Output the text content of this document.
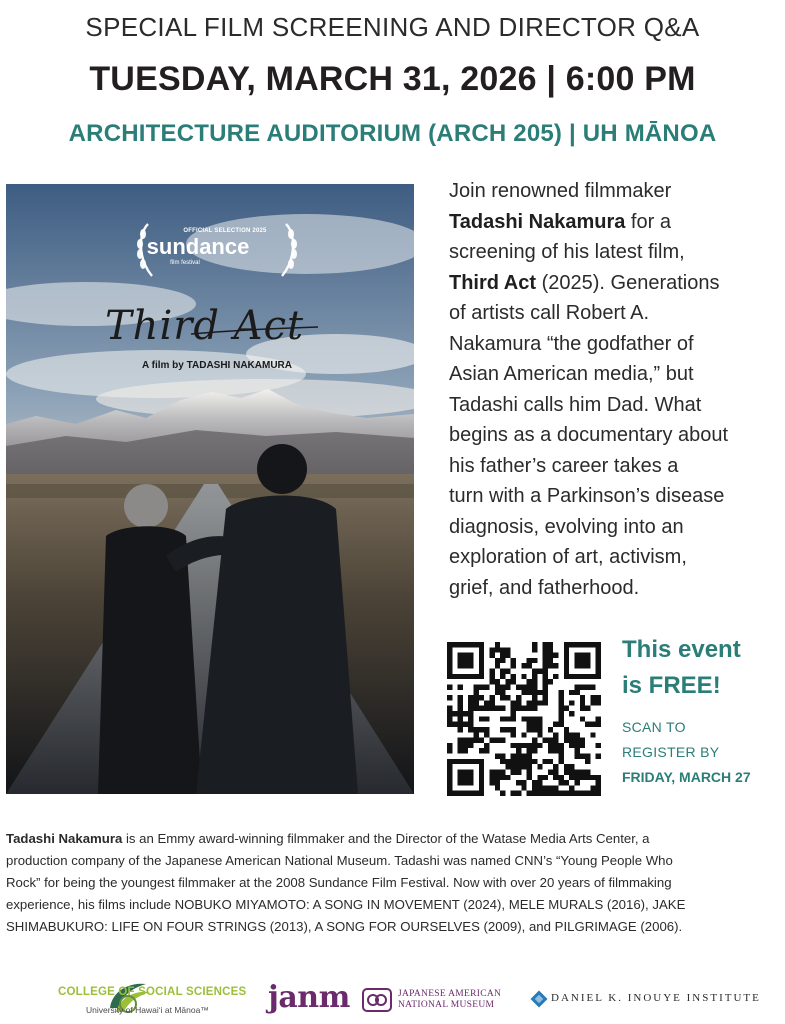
SPECIAL FILM SCREENING AND DIRECTOR Q&A
TUESDAY, MARCH 31, 2026 | 6:00 PM
ARCHITECTURE AUDITORIUM (ARCH 205) | UH MĀNOA
OFFICIAL SELECTION 2025
sundance
film festival
Third Act
A film by TADASHI NAKAMURA
Join renowned filmmaker
Tadashi Nakamura for a
screening of his latest film,
Third Act (2025). Generations
of artists call Robert A.
Nakamura “the godfather of
Asian American media,” but
Tadashi calls him Dad. What
begins as a documentary about
his father’s career takes a
turn with a Parkinson’s disease
diagnosis, evolving into an
exploration of art, activism,
grief, and fatherhood.
This event
is FREE!
SCAN TO
REGISTER BY
FRIDAY, MARCH 27
Tadashi Nakamura is an Emmy award-winning filmmaker and the Director of the Watase Media Arts Center, a
production company of the Japanese American National Museum. Tadashi was named CNN’s “Young People Who
Rock” for being the youngest filmmaker at the 2008 Sundance Film Festival. Now with over 20 years of filmmaking
experience, his films include NOBUKO MIYAMOTO: A SONG IN MOVEMENT (2024), MELE MURALS (2016), JAKE
SHIMABUKURO: LIFE ON FOUR STRINGS (2013), A SONG FOR OURSELVES (2009), and PILGRIMAGE (2006).
COLLEGE OF SOCIAL SCIENCES
University of Hawaiʻi at Mānoa™ janm	JAPANESE AMERICAN
NATIONAL MUSEUM
DANIEL K. INOUYE INSTITUTE
